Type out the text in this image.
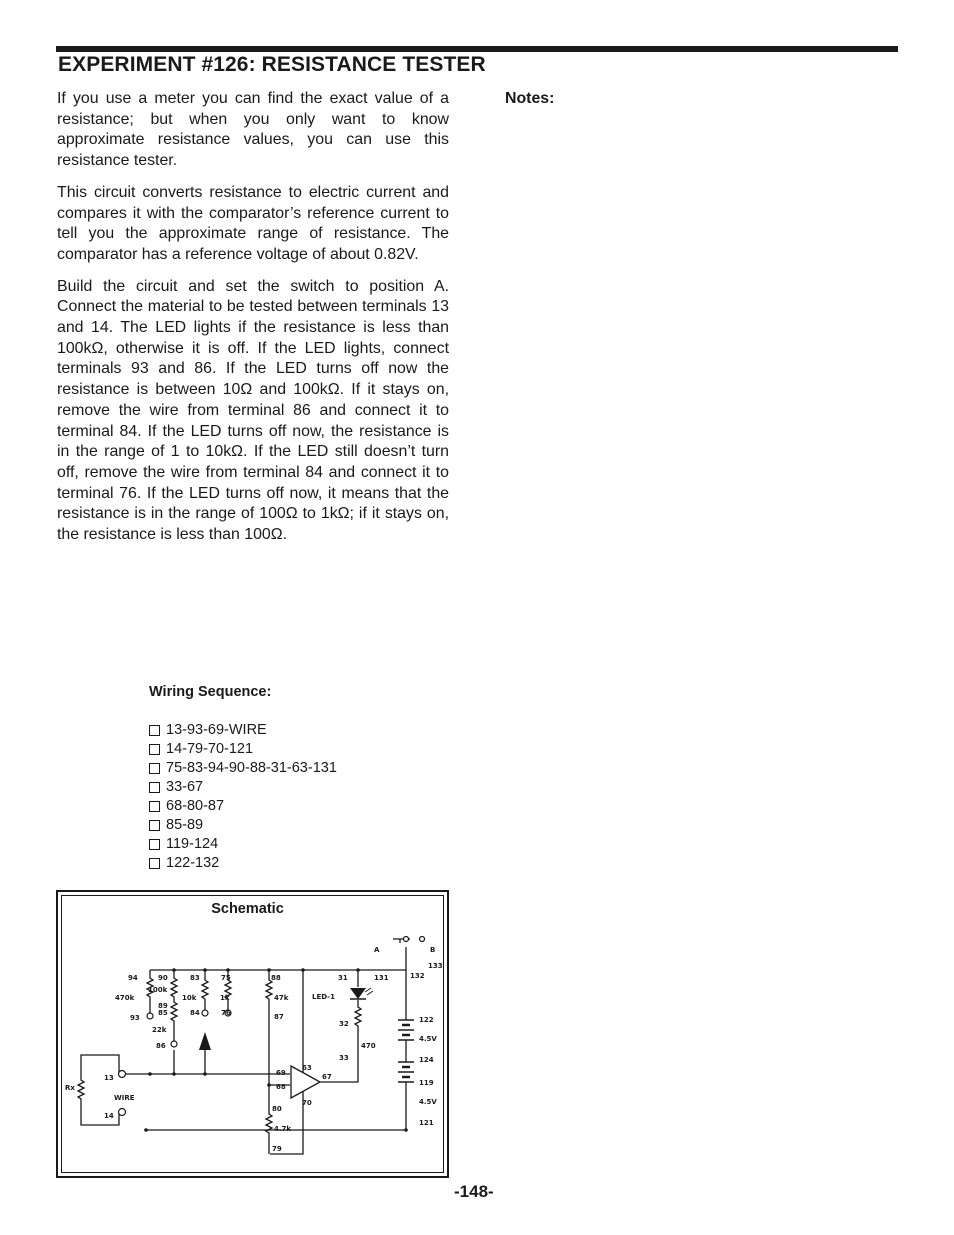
EXPERIMENT #126: RESISTANCE TESTER

If you use a meter you can find the exact value of a resistance; but when you only want to know approximate resistance values, you can use this resistance tester.

This circuit converts resistance to electric current and compares it with the comparator’s reference current to tell you the approximate range of resistance. The comparator has a reference voltage of about 0.82V.

Build the circuit and set the switch to position A. Connect the material to be tested between terminals 13 and 14. The LED lights if the resistance is less than 100kΩ, otherwise it is off. If the LED lights, connect terminals 93 and 86. If the LED turns off now the resistance is between 10Ω and 100kΩ. If it stays on, remove the wire from terminal 86 and connect it to terminal 84. If the LED turns off now, the resistance is in the range of 1 to 10kΩ. If the LED still doesn’t turn off, remove the wire from terminal 84 and connect it to terminal 76. If the LED turns off now, it means that the resistance is in the range of 100Ω to 1kΩ; if it stays on, the resistance is less than 100Ω.

Notes:
Wiring Sequence:
13-93-69-WIRE
14-79-70-121
75-83-94-90-88-31-63-131
33-67
68-80-87
85-89
119-124
122-132
Schematic
94	90	83	75	88	31	131	132
133
A	B
470k
100k
10k	1k	47k
89
85	84	76	87
93
22k
86
LED-1
32
33
470
122
4.5V
124
119
4.5V
121
Rx
13
14
WIRE
69
68
63
67
70
80
4.7k
79
-148-
